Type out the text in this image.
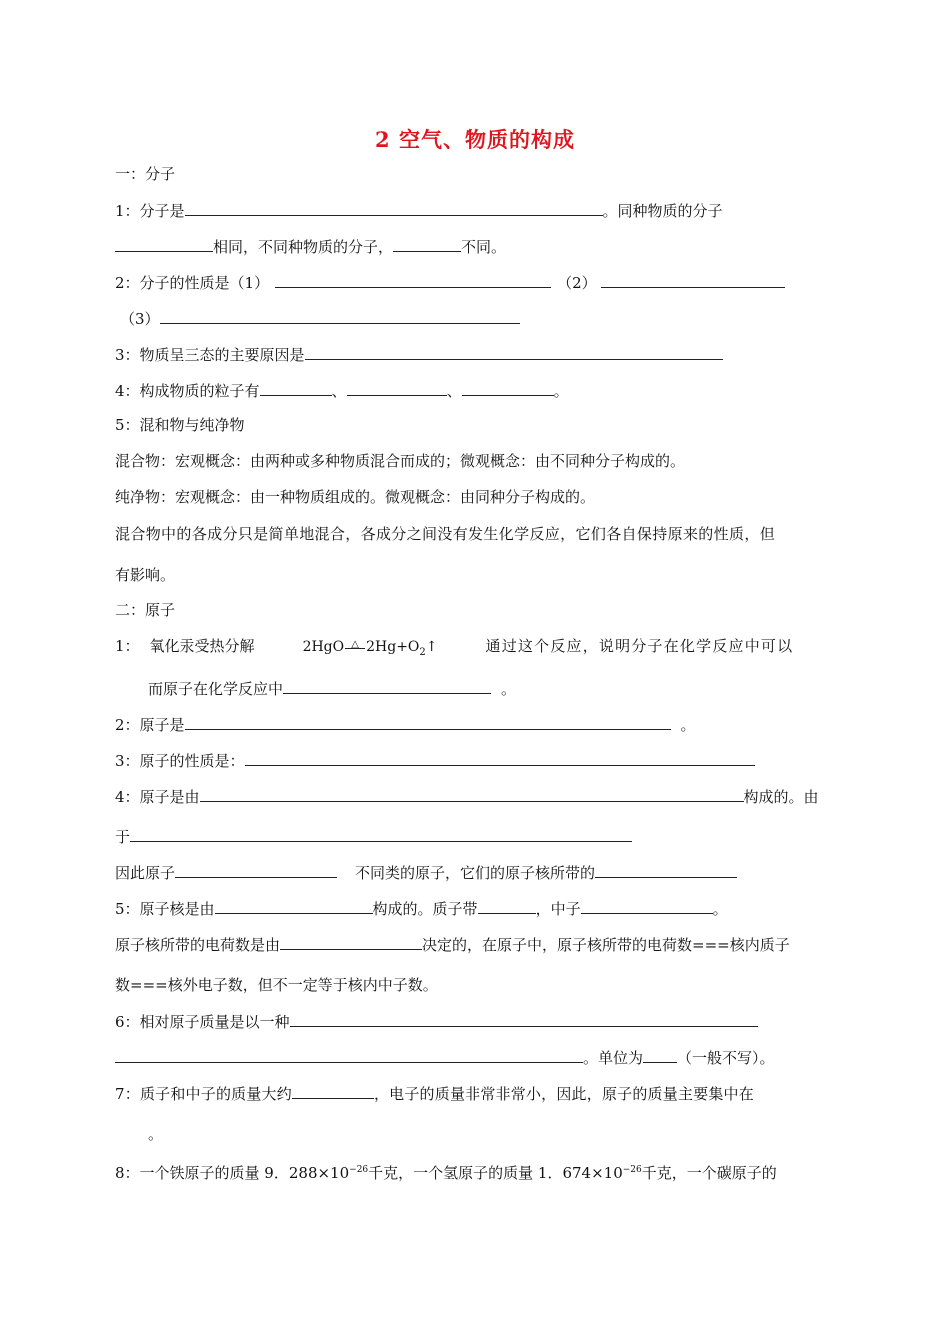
2 空气、物质的构成
一：分子
1：分子是	。同种物质的分子
相同，不同种物质的分子，	不同。
2：分子的性质是（1）	（2）
（3）
3：物质呈三态的主要原因是
4：构成物质的粒子有	、	、	。
5：混和物与纯净物
混合物：宏观概念：由两种或多种物质混合而成的；微观概念：由不同种分子构成的。
纯净物：宏观概念：由一种物质组成的。微观概念：由同种分子构成的。
混合物中的各成分只是简单地混合，各成分之间没有发生化学反应，它们各自保持原来的性质，但
有影响。
二：原子
1： 氧化汞受热分解	2HgO △ $2Hg+O_2↑$	通过这个反应，说明分子在化学反应中可以
而原子在化学反应中	。
2：原子是	。
3：原子的性质是：
4：原子是由	构成的。由
于
因此原子	不同类的原子，它们的原子核所带的
5：原子核是由	构成的。质子带	，中子	。
原子核所带的电荷数是由	决定的，在原子中，原子核所带的电荷数===核内质子
数===核外电子数，但不一定等于核内中子数。
6：相对原子质量是以一种
。单位为 （一般不写）。
7：质子和中子的质量大约	，电子的质量非常非常小，因此，原子的质量主要集中在
。
8：一个铁原子的质量 9．$288\times 10^{-26}$千克，一个氢原子的质量 1．$674\times 10^{-26}$千克，一个碳原子的
